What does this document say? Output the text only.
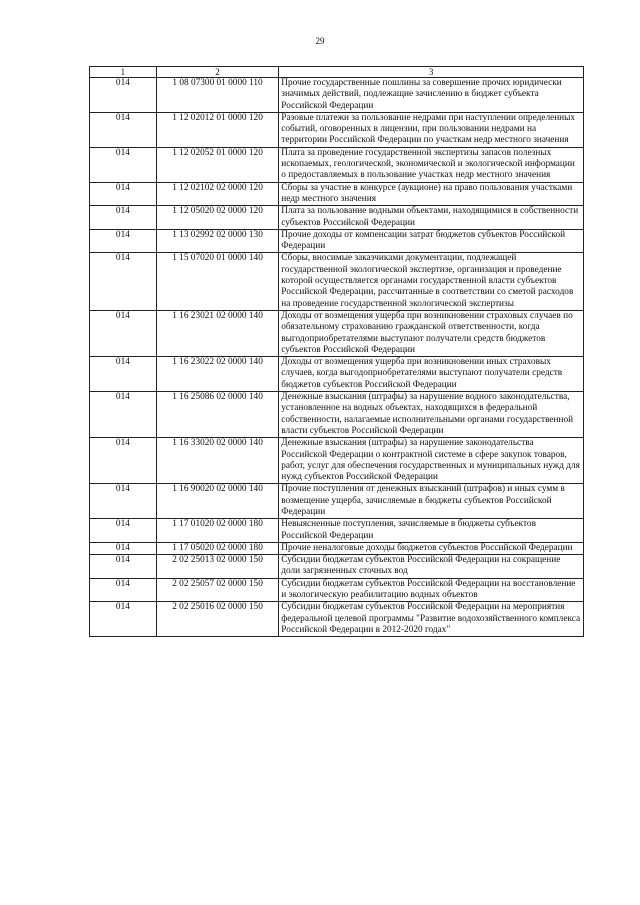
29
1	2	3
014	1 08 07300 01 0000 110	Прочие государственные пошлины за совершение прочих юридически значимых действий, подлежащие зачислению в бюджет субъекта Российской Федерации
014	1 12 02012 01 0000 120	Разовые платежи за пользование недрами при наступлении определенных событий, оговоренных в лицензии, при пользовании недрами на территории Российской Федерации по участкам недр местного значения
014	1 12 02052 01 0000 120	Плата за проведение государственной экспертизы запасов полезных ископаемых, геологической, экономической и экологической информации о предоставляемых в пользование участках недр местного значения
014	1 12 02102 02 0000 120	Сборы за участие в конкурсе (аукционе) на право пользования участками недр местного значения
014	1 12 05020 02 0000 120	Плата за пользование водными объектами, находящимися в собственности субъектов Российской Федерации
014	1 13 02992 02 0000 130	Прочие доходы от компенсации затрат бюджетов субъектов Российской Федерации
014	1 15 07020 01 0000 140	Сборы, вносимые заказчиками документации, подлежащей государственной экологической экспертизе, организация и проведение которой осуществляется органами государственной власти субъектов Российской Федерации, рассчитанные в соответствии со сметой расходов на проведение государственной экологической экспертизы
014	1 16 23021 02 0000 140	Доходы от возмещения ущерба при возникновении страховых случаев по обязательному страхованию гражданской ответственности, когда выгодоприобретателями выступают получатели средств бюджетов субъектов Российской Федерации
014	1 16 23022 02 0000 140	Доходы от возмещения ущерба при возникновении иных страховых случаев, когда выгодоприобретателями выступают получатели средств бюджетов субъектов Российской Федерации
014	1 16 25086 02 0000 140	Денежные взыскания (штрафы) за нарушение водного законодательства, установленное на водных объектах, находящихся в федеральной собственности, налагаемые исполнительными органами государственной власти субъектов Российской Федерации
014	1 16 33020 02 0000 140	Денежные взыскания (штрафы) за нарушение законодательства Российской Федерации о контрактной системе в сфере закупок товаров, работ, услуг для обеспечения государственных и муниципальных нужд для нужд субъектов Российской Федерации
014	1 16 90020 02 0000 140	Прочие поступления от денежных взысканий (штрафов) и иных сумм в возмещение ущерба, зачисляемые в бюджеты субъектов Российской Федерации
014	1 17 01020 02 0000 180	Невыясненные поступления, зачисляемые в бюджеты субъектов Российской Федерации
014	1 17 05020 02 0000 180	Прочие неналоговые доходы бюджетов субъектов Российской Федерации
014	2 02 25013 02 0000 150	Субсидии бюджетам субъектов Российской Федерации на сокращение доли загрязненных сточных вод
014	2 02 25057 02 0000 150	Субсидии бюджетам субъектов Российской Федерации на восстановление и экологическую реабилитацию водных объектов
014	2 02 25016 02 0000 150	Субсидии бюджетам субъектов Российской Федерации на мероприятия федеральной целевой программы "Развитие водохозяйственного комплекса Российской Федерации в 2012-2020 годах"
